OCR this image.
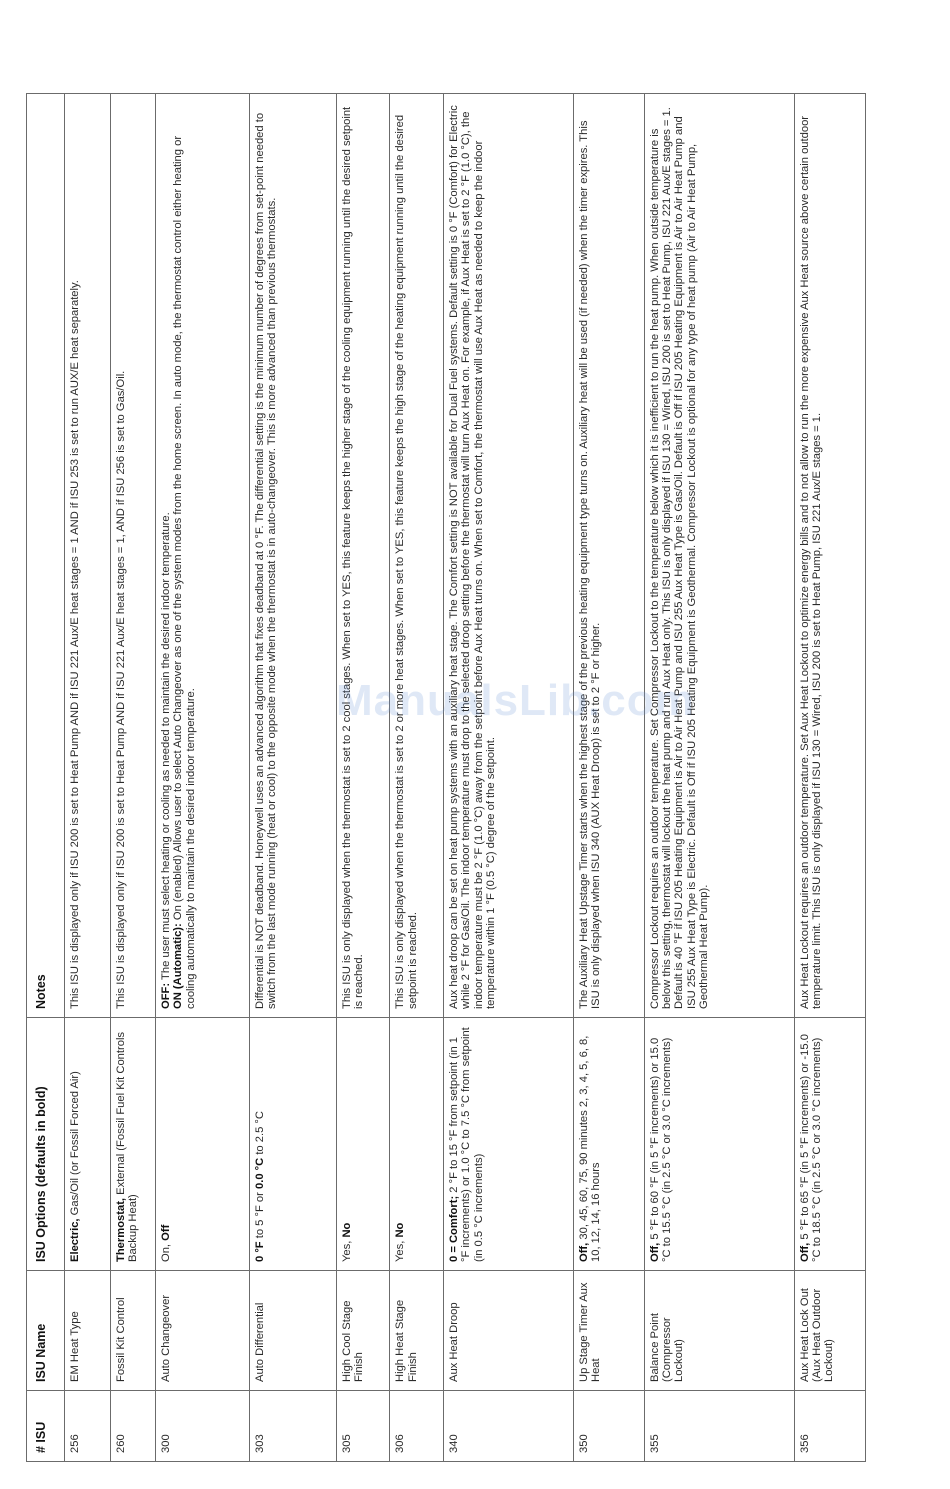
# ISU	ISU Name	ISU Options (defaults in bold)	Notes
256	EM Heat Type	Electric, Gas/Oil (or Fossil Forced Air)	This ISU is displayed only if ISU 200 is set to Heat Pump AND if ISU 221 Aux/E heat stages = 1 AND if ISU 253 is set to run AUX/E heat separately.
260	Fossil Kit Control	Thermostat, External (Fossil Fuel Kit Controls Backup Heat)	This ISU is displayed only if ISU 200 is set to Heat Pump AND if ISU 221 Aux/E heat stages = 1, AND if ISU 256 is set to Gas/Oil.
300	Auto Changeover	On, Off	OFF: The user must select heating or cooling as needed to maintain the desired indoor temperature. ON (Automatic): On (enabled) Allows user to select Auto Changeover as one of the system modes from the home screen. In auto mode, the thermostat control either heating or cooling automatically to maintain the desired indoor temperature.

303	Auto Differential	0 °F to 5 °F or 0.0 °C to 2.5 °C	Differential is NOT deadband. Honeywell uses an advanced algorithm that fixes deadband at 0 °F. The differential setting is the minimum number of degrees from set-point needed to switch from the last mode running (heat or cool) to the opposite mode when the thermostat is in auto-changeover. This is more advanced than previous thermostats.
305	High Cool Stage Finish	Yes, No	This ISU is only displayed when the thermostat is set to 2 cool stages. When set to YES, this feature keeps the higher stage of the cooling equipment running until the desired setpoint is reached.
306	High Heat Stage Finish	Yes, No	This ISU is only displayed when the thermostat is set to 2 or more heat stages. When set to YES, this feature keeps the high stage of the heating equipment running until the desired setpoint is reached.
340	Aux Heat Droop	0 = Comfort; 2 °F to 15 °F from setpoint (in 1 °F increments) or 1.0 °C to 7.5 °C from setpoint (in 0.5 °C increments)	Aux heat droop can be set on heat pump systems with an auxiliary heat stage. The Comfort setting is NOT available for Dual Fuel systems. Default setting is 0 °F (Comfort) for Electric while 2 °F for Gas/Oil. The indoor temperature must drop to the selected droop setting before the thermostat will turn Aux Heat on. For example, if Aux Heat is set to 2 °F (1.0 °C), the indoor temperature must be 2 °F (1.0 °C) away from the setpoint before Aux Heat turns on. When set to Comfort, the thermostat will use Aux Heat as needed to keep the indoor temperature within 1 °F (0.5 °C) degree of the setpoint.
350	Up Stage Timer Aux Heat	Off, 30, 45, 60, 75, 90 minutes 2, 3, 4, 5, 6, 8, 10, 12, 14, 16 hours	The Auxiliary Heat Upstage Timer starts when the highest stage of the previous heating equipment type turns on. Auxiliary heat will be used (if needed) when the timer expires. This ISU is only displayed when ISU 340 (AUX Heat Droop) is set to 2 °F or higher.
355	Balance Point (Compressor Lockout)	Off, 5 °F to 60 °F (in 5 °F increments) or 15.0 °C to 15.5 °C (in 2.5 °C or 3.0 °C increments)	Compressor Lockout requires an outdoor temperature. Set Compressor Lockout to the temperature below which it is inefficient to run the heat pump. When outside temperature is below this setting, thermostat will lockout the heat pump and run Aux Heat only. This ISU is only displayed if ISU 130 = Wired, ISU 200 is set to Heat Pump, ISU 221 Aux/E stages = 1. Default is 40 °F if ISU 205 Heating Equipment is Air to Air Heat Pump and ISU 255 Aux Heat Type is Gas/Oil. Default is Off if ISU 205 Heating Equipment is Air to Air Heat Pump and ISU 255 Aux Heat Type is Electric. Default is Off if ISU 205 Heating Equipment is Geothermal. Compressor Lockout is optional for any type of heat pump (Air to Air Heat Pump, Geothermal Heat Pump).
356	Aux Heat Lock Out (Aux Heat Outdoor Lockout)	Off, 5 °F to 65 °F (in 5 °F increments) or -15.0 °C to 18.5 °C (in 2.5 °C or 3.0 °C increments)	Aux Heat Lockout requires an outdoor temperature. Set Aux Heat Lockout to optimize energy bills and to not allow to run the more expensive Aux Heat source above certain outdoor temperature limit. This ISU is only displayed if ISU 130 = Wired, ISU 200 is set to Heat Pump, ISU 221 Aux/E stages = 1.
ManualsLib.com
